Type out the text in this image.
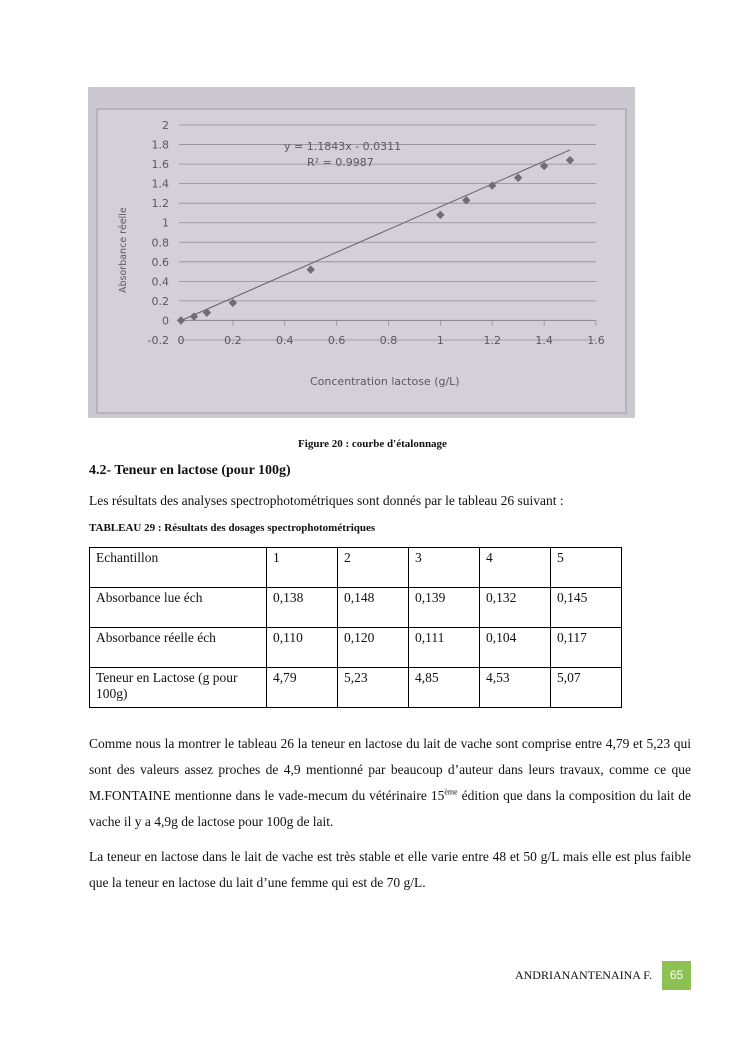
-0.2
0
0.2
0.4
0.6
0.8
1
1.2
1.4
1.6
1.8
2
0	0.2	0.4	0.6	0.8	1	1.2	1.4	1.6
y = 1.1843x - 0.0311
R² = 0.9987
Concentration lactose (g/L)
Absorbance réelle
Figure 20 : courbe d'étalonnage
4.2- Teneur en lactose (pour 100g)
Les résultats des analyses spectrophotométriques sont donnés par le tableau 26 suivant :
TABLEAU 29 : Résultats des dosages spectrophotométriques
Echantillon	1	2	3	4	5
Absorbance lue éch	0,138	0,148	0,139	0,132	0,145
Absorbance réelle éch	0,110	0,120	0,111	0,104	0,117
Teneur en Lactose (g pour 100g)	4,79	5,23	4,85	4,53	5,07
Comme nous la montrer le tableau 26 la teneur en lactose du lait de vache sont comprise entre 4,79 et 5,23 qui sont des valeurs assez proches de 4,9 mentionné par beaucoup d’auteur dans leurs travaux, comme ce que M.FONTAINE mentionne dans le vade-mecum du vétérinaire 15ème édition que dans la composition du lait de vache il y a 4,9g de lactose pour 100g de lait.
La teneur en lactose dans le lait de vache est très stable et elle varie entre 48 et 50 g/L mais elle est plus faible que la teneur en lactose du lait d’une femme qui est de 70 g/L.
ANDRIANANTENAINA F.	65
